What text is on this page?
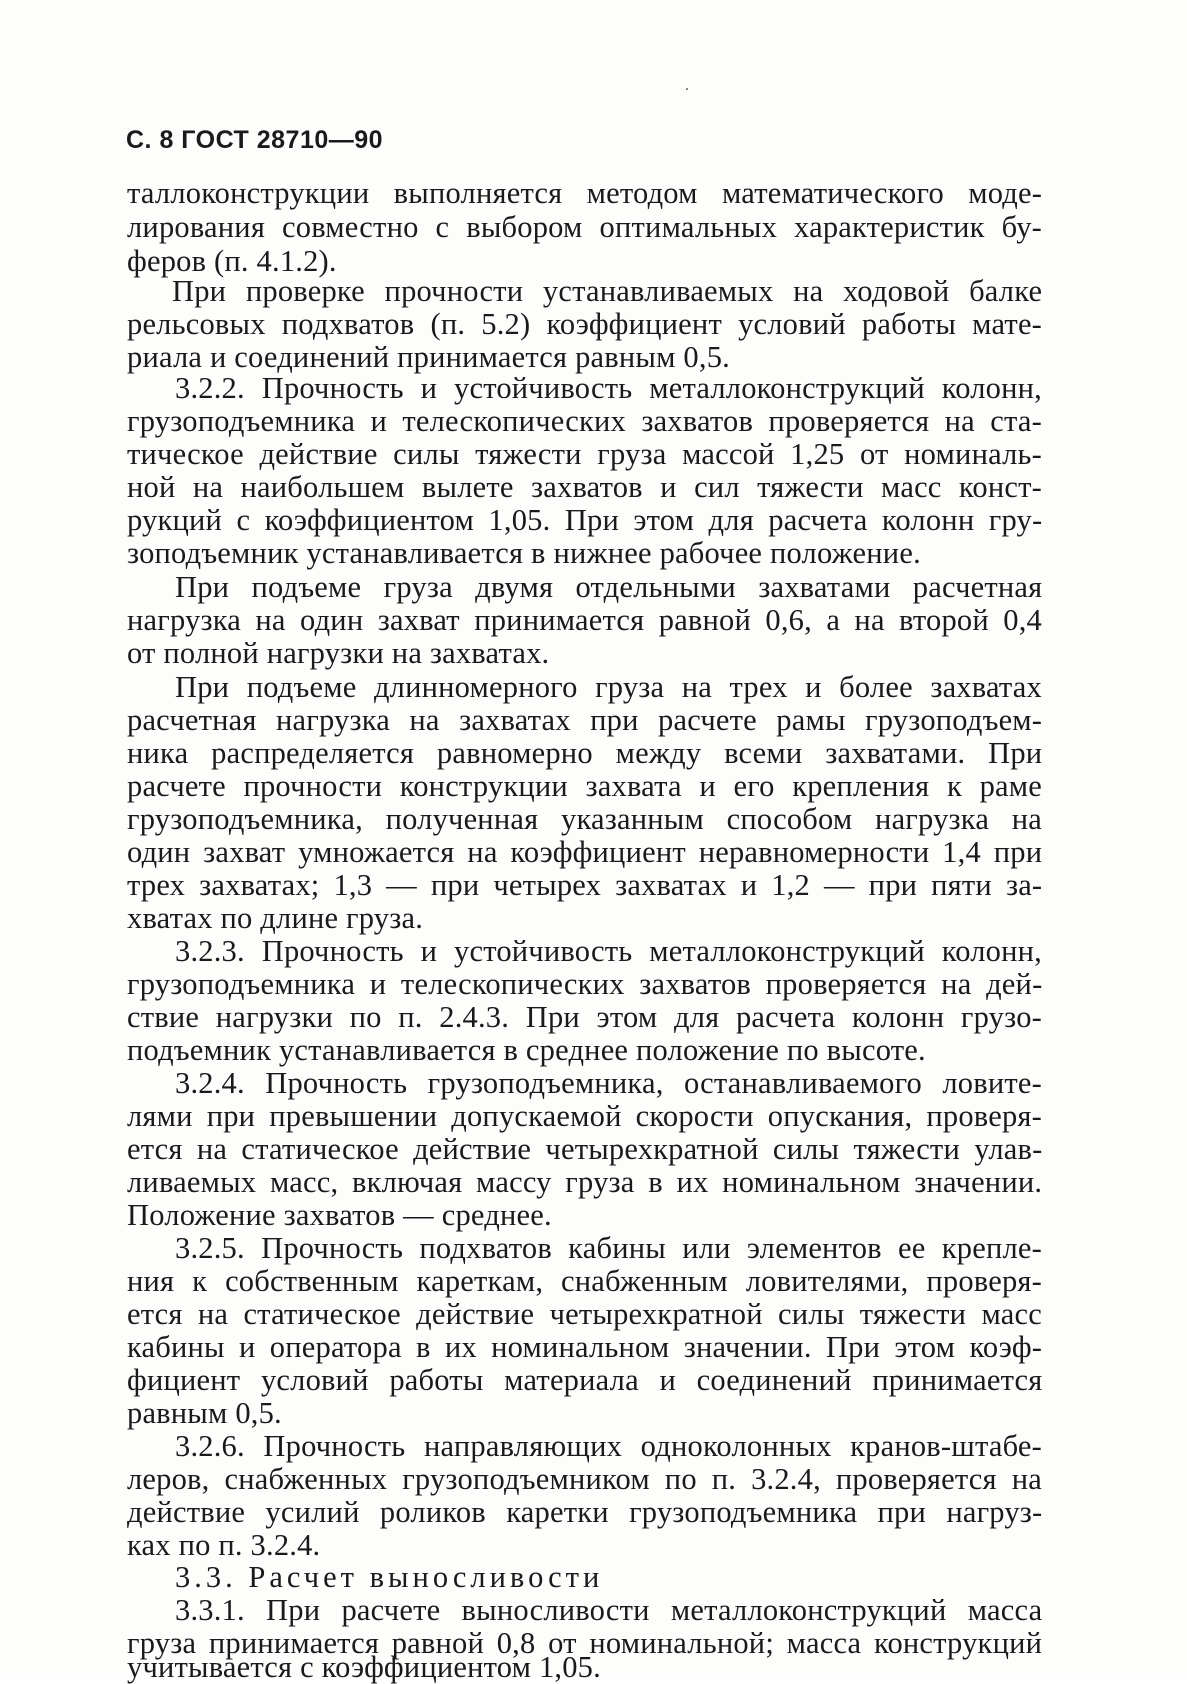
С. 8 ГОСТ 28710—90
таллоконструкции выполняется методом математического моде-
лирования совместно с выбором оптимальных характеристик бу-
феров (п. 4.1.2).
При проверке прочности устанавливаемых на ходовой балке
рельсовых подхватов (п. 5.2) коэффициент условий работы мате-
риала и соединений принимается равным 0,5.
3.2.2. Прочность и устойчивость металлоконструкций колонн,
грузоподъемника и телескопических захватов проверяется на ста-
тическое действие силы тяжести груза массой 1,25 от номиналь-
ной на наибольшем вылете захватов и сил тяжести масс конст-
рукций с коэффициентом 1,05. При этом для расчета колонн гру-
зоподъемник устанавливается в нижнее рабочее положение.
При подъеме груза двумя отдельными захватами расчетная
нагрузка на один захват принимается равной 0,6, а на второй 0,4
от полной нагрузки на захватах.
При подъеме длинномерного груза на трех и более захватах
расчетная нагрузка на захватах при расчете рамы грузоподъем-
ника распределяется равномерно между всеми захватами. При
расчете прочности конструкции захвата и его крепления к раме
грузоподъемника, полученная указанным способом нагрузка на
один захват умножается на коэффициент неравномерности 1,4 при
трех захватах; 1,3 — при четырех захватах и 1,2 — при пяти за-
хватах по длине груза.
3.2.3. Прочность и устойчивость металлоконструкций колонн,
грузоподъемника и телескопических захватов проверяется на дей-
ствие нагрузки по п. 2.4.3. При этом для расчета колонн грузо-
подъемник устанавливается в среднее положение по высоте.
3.2.4. Прочность грузоподъемника, останавливаемого ловите-
лями при превышении допускаемой скорости опускания, проверя-
ется на статическое действие четырехкратной силы тяжести улав-
ливаемых масс, включая массу груза в их номинальном значении.
Положение захватов — среднее.
3.2.5. Прочность подхватов кабины или элементов ее крепле-
ния к собственным кареткам, снабженным ловителями, проверя-
ется на статическое действие четырехкратной силы тяжести масс
кабины и оператора в их номинальном значении. При этом коэф-
фициент условий работы материала и соединений принимается
равным 0,5.
3.2.6. Прочность направляющих одноколонных кранов-штабе-
леров, снабженных грузоподъемником по п. 3.2.4, проверяется на
действие усилий роликов каретки грузоподъемника при нагруз-
ках по п. 3.2.4.
3.3. Расчет выносливости
3.3.1. При расчете выносливости металлоконструкций масса
груза принимается равной 0,8 от номинальной; масса конструкций
учитывается с коэффициентом 1,05.
